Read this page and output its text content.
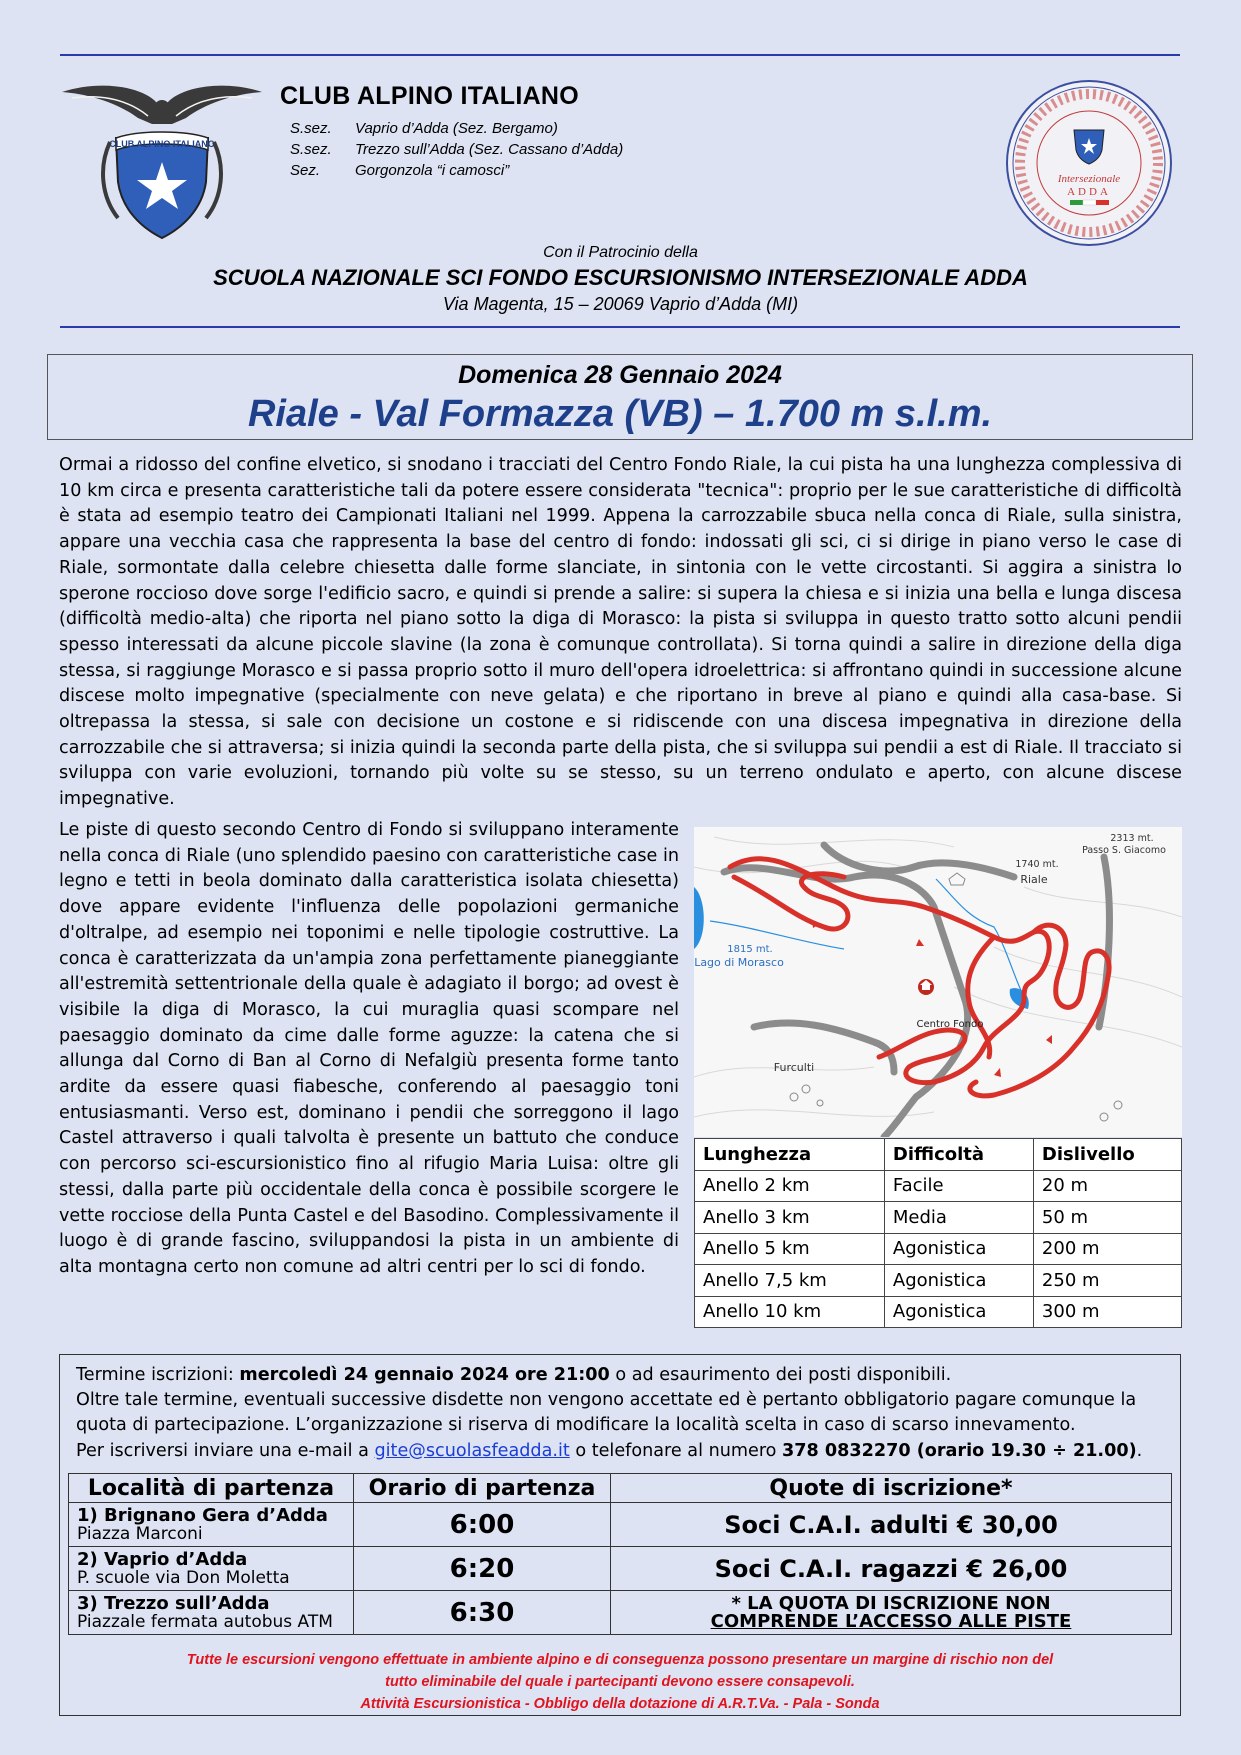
CLUB ALPINO ITALIANO
CLUB ALPINO ITALIANO
S.sez.	Vaprio d’Adda (Sez. Bergamo)
S.sez.	Trezzo sull’Adda (Sez. Cassano d’Adda)
Sez.	Gorgonzola “i camosci”	Intersezionale
ADDA
Con il Patrocinio della
SCUOLA NAZIONALE SCI FONDO ESCURSIONISMO INTERSEZIONALE ADDA
Via Magenta, 15 – 20069 Vaprio d’Adda (MI)
Domenica 28 Gennaio 2024
Riale - Val Formazza (VB) – 1.700 m s.l.m.
Ormai a ridosso del confine elvetico, si snodano i tracciati del Centro Fondo Riale, la cui pista ha una lunghezza complessiva di 10 km circa e presenta caratteristiche tali da potere essere considerata "tecnica": proprio per le sue caratteristiche di difficoltà è stata ad esempio teatro dei Campionati Italiani nel 1999. Appena la carrozzabile sbuca nella conca di Riale, sulla sinistra, appare una vecchia casa che rappresenta la base del centro di fondo: indossati gli sci, ci si dirige in piano verso le case di Riale, sormontate dalla celebre chiesetta dalle forme slanciate, in sintonia con le vette circostanti. Si aggira a sinistra lo sperone roccioso dove sorge l'edificio sacro, e quindi si prende a salire: si supera la chiesa e si inizia una bella e lunga discesa (difficoltà medio-alta) che riporta nel piano sotto la diga di Morasco: la pista si sviluppa in questo tratto sotto alcuni pendii spesso interessati da alcune piccole slavine (la zona è comunque controllata). Si torna quindi a salire in direzione della diga stessa, si raggiunge Morasco e si passa proprio sotto il muro dell'opera idroelettrica: si affrontano quindi in successione alcune discese molto impegnative (specialmente con neve gelata) e che riportano in breve al piano e quindi alla casa-base. Si oltrepassa la stessa, si sale con decisione un costone e si ridiscende con una discesa impegnativa in direzione della carrozzabile che si attraversa; si inizia quindi la seconda parte della pista, che si sviluppa sui pendii a est di Riale. Il tracciato si sviluppa con varie evoluzioni, tornando più volte su se stesso, su un terreno ondulato e aperto, con alcune discese impegnative.
Le piste di questo secondo Centro di Fondo si sviluppano interamente nella conca di Riale (uno splendido paesino con caratteristiche case in legno e tetti in beola dominato dalla caratteristica isolata chiesetta) dove appare evidente l'influenza delle popolazioni germaniche d'oltralpe, ad esempio nei toponimi e nelle tipologie costruttive. La conca è caratterizzata da un'ampia zona perfettamente pianeggiante all'estremità settentrionale della quale è adagiato il borgo; ad ovest è visibile la diga di Morasco, la cui muraglia quasi scompare nel paesaggio dominato da cime dalle forme aguzze: la catena che si allunga dal Corno di Ban al Corno di Nefalgiù presenta forme tanto ardite da essere quasi fiabesche, conferendo al paesaggio toni entusiasmanti. Verso est, dominano i pendii che sorreggono il lago Castel attraverso i quali talvolta è presente un battuto che conduce con percorso sci-escursionistico fino al rifugio Maria Luisa: oltre gli stessi, dalla parte più occidentale della conca è possibile scorgere le vette rocciose della Punta Castel e del Basodino. Complessivamente il luogo è di grande fascino, sviluppandosi la pista in un ambiente di alta montagna certo non comune ad altri centri per lo sci di fondo.
2313 mt.
Passo S. Giacomo
1740 mt.
Riale
1815 mt.
Lago di Morasco
Centro Fondo
Furculti
Lunghezza	Difficoltà	Dislivello
Anello 2 km	Facile	20 m
Anello 3 km	Media	50 m
Anello 5 km	Agonistica	200 m
Anello 7,5 km	Agonistica	250 m
Anello 10 km	Agonistica	300 m
Termine iscrizioni: mercoledì 24 gennaio 2024 ore 21:00 o ad esaurimento dei posti disponibili.
Oltre tale termine, eventuali successive disdette non vengono accettate ed è pertanto obbligatorio pagare comunque la quota di partecipazione. L’organizzazione si riserva di modificare la località scelta in caso di scarso innevamento.
Per iscriversi inviare una e-mail a gite@scuolasfeadda.it o telefonare al numero 378 0832270 (orario 19.30 ÷ 21.00).
Località di partenza	Orario di partenza	Quote di iscrizione*

1) Brignano Gera d’Adda
Piazza Marconi	6:00	Soci C.A.I. adulti € 30,00

2) Vaprio d’Adda
P. scuole via Don Moletta	6:20	Soci C.A.I. ragazzi € 26,00

3) Trezzo sull’Adda
Piazzale fermata autobus ATM	6:30	* LA QUOTA DI ISCRIZIONE NON
COMPRENDE L’ACCESSO ALLE PISTE
Tutte le escursioni vengono effettuate in ambiente alpino e di conseguenza possono presentare un margine di rischio non del
tutto eliminabile del quale i partecipanti devono essere consapevoli.
Attività Escursionistica - Obbligo della dotazione di A.R.T.Va. - Pala - Sonda
